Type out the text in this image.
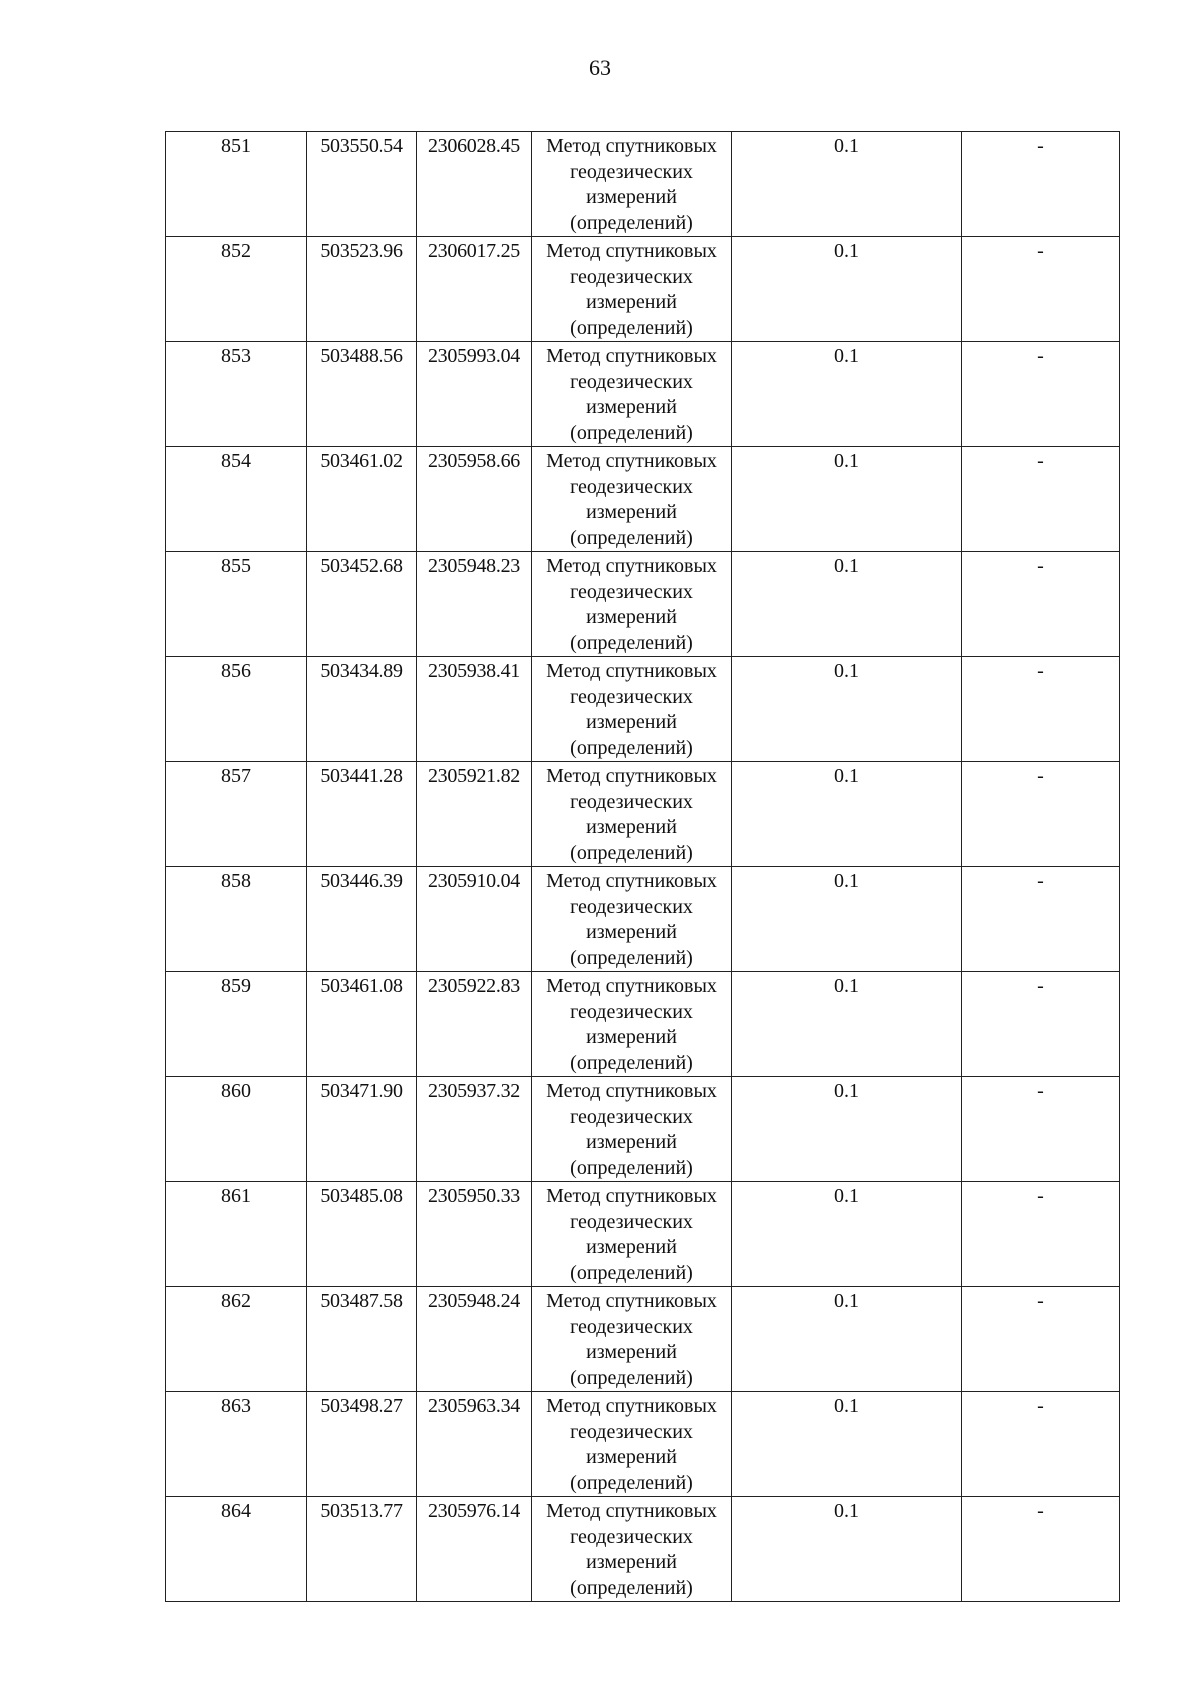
63
851	503550.54	2306028.45	Метод спутниковых геодезических измерений (определений)	0.1	-
852	503523.96	2306017.25	Метод спутниковых геодезических измерений (определений)	0.1	-
853	503488.56	2305993.04	Метод спутниковых геодезических измерений (определений)	0.1	-
854	503461.02	2305958.66	Метод спутниковых геодезических измерений (определений)	0.1	-
855	503452.68	2305948.23	Метод спутниковых геодезических измерений (определений)	0.1	-
856	503434.89	2305938.41	Метод спутниковых геодезических измерений (определений)	0.1	-
857	503441.28	2305921.82	Метод спутниковых геодезических измерений (определений)	0.1	-
858	503446.39	2305910.04	Метод спутниковых геодезических измерений (определений)	0.1	-
859	503461.08	2305922.83	Метод спутниковых геодезических измерений (определений)	0.1	-
860	503471.90	2305937.32	Метод спутниковых геодезических измерений (определений)	0.1	-
861	503485.08	2305950.33	Метод спутниковых геодезических измерений (определений)	0.1	-
862	503487.58	2305948.24	Метод спутниковых геодезических измерений (определений)	0.1	-
863	503498.27	2305963.34	Метод спутниковых геодезических измерений (определений)	0.1	-
864	503513.77	2305976.14	Метод спутниковых геодезических измерений (определений)	0.1	-
